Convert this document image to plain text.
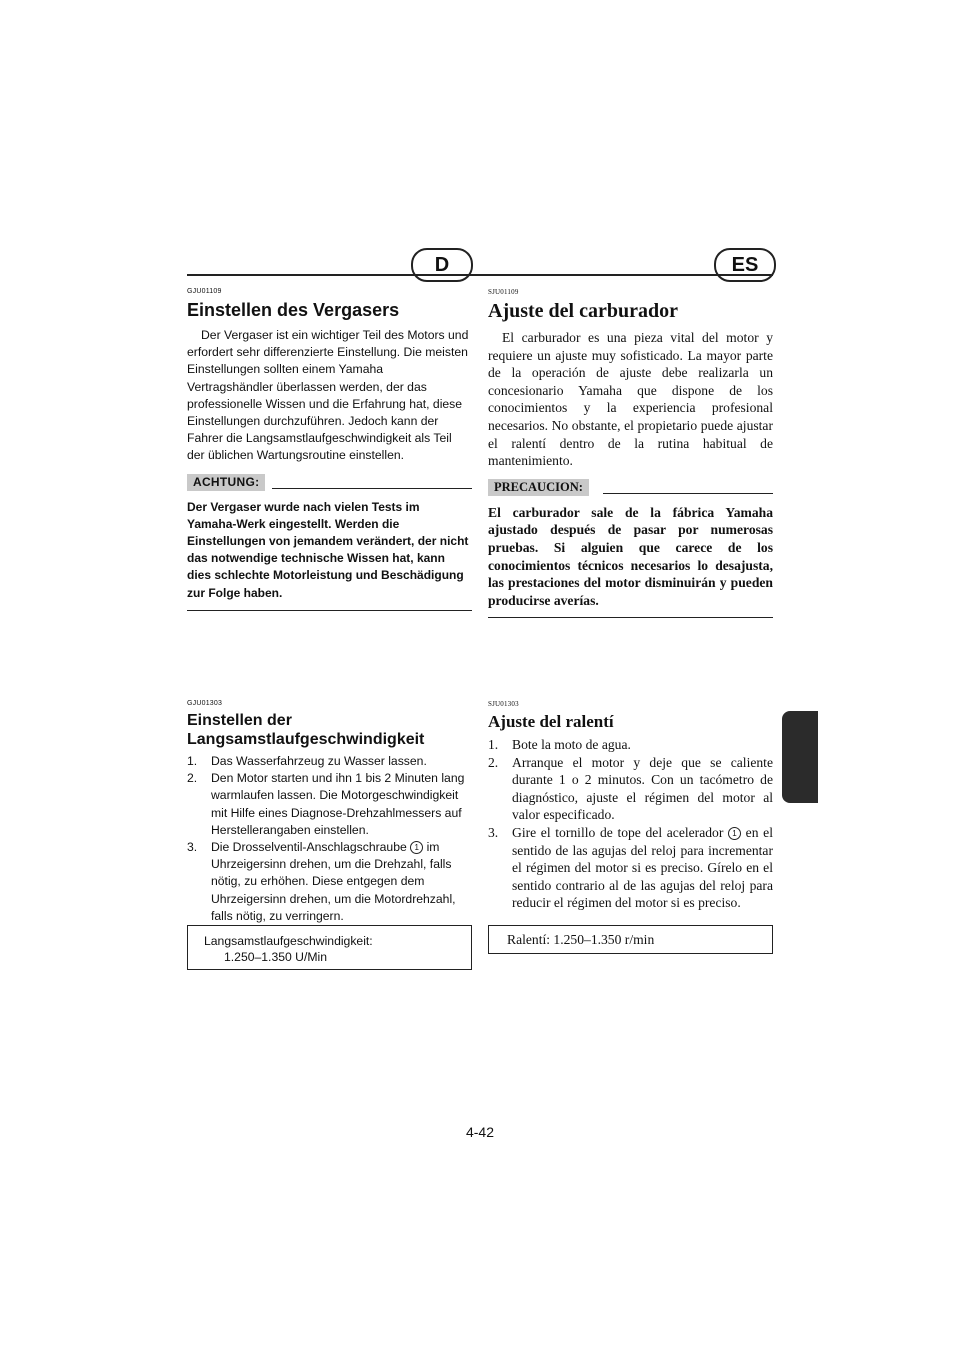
D	ES
GJU01109
Einstellen des Vergasers

Der Vergaser ist ein wichtiger Teil des Motors und erfordert sehr differenzierte Einstellung. Die meisten Einstellungen sollten einem Yamaha Vertragshändler überlassen werden, der das professionelle Wissen und die Erfahrung hat, diese Einstellungen durchzuführen. Jedoch kann der Fahrer die Langsamstlaufgeschwindigkeit als Teil der üblichen Wartungsroutine einstellen.

ACHTUNG:

Der Vergaser wurde nach vielen Tests im Yamaha-Werk eingestellt. Werden die Einstellungen von jemandem verändert, der nicht das notwendige technische Wissen hat, kann dies schlechte Motorleistung und Beschädigung zur Folge haben.

SJU01109
Ajuste del carburador

El carburador es una pieza vital del motor y requiere un ajuste muy sofisticado. La mayor parte de la operación de ajuste debe realizarla un concesionario Yamaha que dispone de los conocimientos y la experiencia profesional necesarios. No obstante, el propietario puede ajustar el ralentí dentro de la rutina habitual de mantenimiento.

PRECAUCION:

El carburador sale de la fábrica Yamaha ajustado después de pasar por numerosas pruebas. Si alguien que carece de los conocimientos técnicos necesarios lo desajusta, las prestaciones del motor disminuirán y pueden producirse averías.

GJU01303
Einstellen der Langsamstlaufgeschwindigkeit
1. Das Wasserfahrzeug zu Wasser lassen.
2. Den Motor starten und ihn 1 bis 2 Minuten lang warmlaufen lassen. Die Motorgeschwindigkeit mit Hilfe eines Diagnose-Drehzahlmessers auf Herstellerangaben einstellen.
3. Die Drosselventil-Anschlagschraube 1 im Uhrzeigersinn drehen, um die Drehzahl, falls nötig, zu erhöhen. Diese entgegen dem Uhrzeigersinn drehen, um die Motordrehzahl, falls nötig, zu verringern.
Langsamstlaufgeschwindigkeit:
1.250–1.350 U/Min
SJU01303
Ajuste del ralentí
1. Bote la moto de agua.
2. Arranque el motor y deje que se caliente durante 1 o 2 minutos. Con un tacómetro de diagnóstico, ajuste el régimen del motor al valor especificado.
3. Gire el tornillo de tope del acelerador 1 en el sentido de las agujas del reloj para incrementar el régimen del motor si es preciso. Gírelo en el sentido contrario al de las agujas del reloj para reducir el régimen del motor si es preciso.
Ralentí: 1.250–1.350 r/min
4-42
